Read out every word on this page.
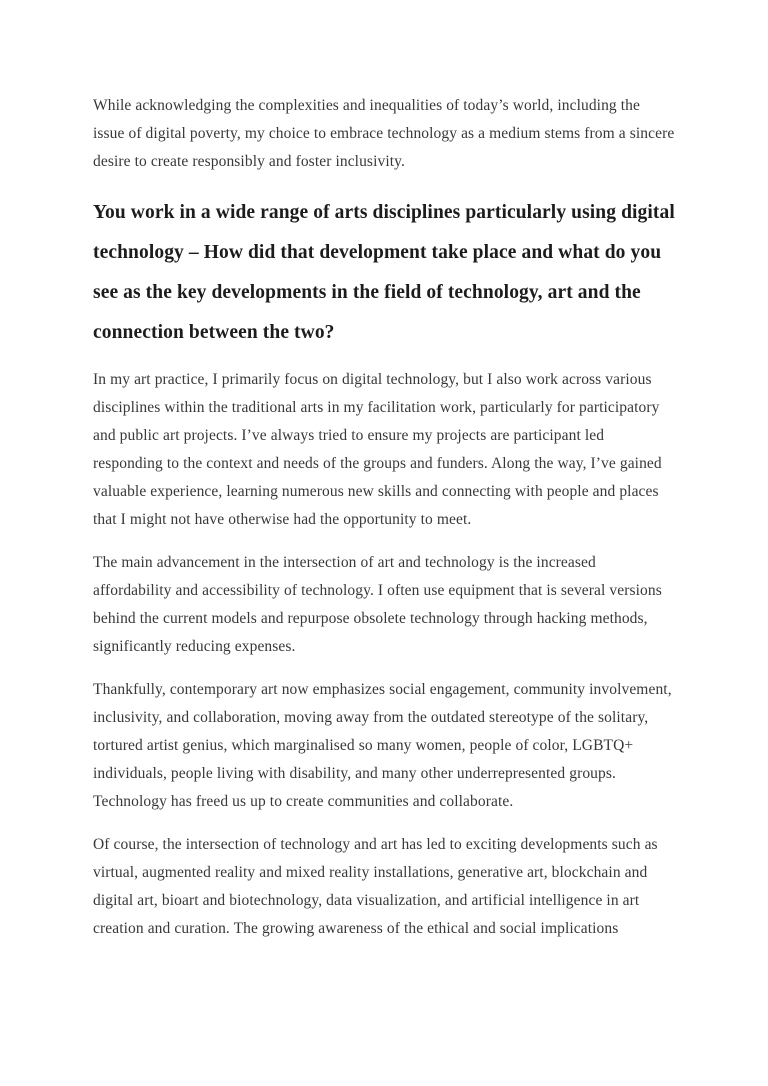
While acknowledging the complexities and inequalities of today’s world, including the issue of digital poverty, my choice to embrace technology as a medium stems from a sincere desire to create responsibly and foster inclusivity.

You work in a wide range of arts disciplines particularly using digital technology – How did that development take place and what do you see as the key developments in the field of technology, art and the connection between the two?

In my art practice, I primarily focus on digital technology, but I also work across various disciplines within the traditional arts in my facilitation work, particularly for participatory and public art projects. I’ve always tried to ensure my projects are participant led responding to the context and needs of the groups and funders. Along the way, I’ve gained valuable experience, learning numerous new skills and connecting with people and places that I might not have otherwise had the opportunity to meet.

The main advancement in the intersection of art and technology is the increased affordability and accessibility of technology. I often use equipment that is several versions behind the current models and repurpose obsolete technology through hacking methods, significantly reducing expenses.

Thankfully, contemporary art now emphasizes social engagement, community involvement, inclusivity, and collaboration, moving away from the outdated stereotype of the solitary, tortured artist genius, which marginalised so many women, people of color, LGBTQ+ individuals, people living with disability, and many other underrepresented groups. Technology has freed us up to create communities and collaborate.

Of course, the intersection of technology and art has led to exciting developments such as virtual, augmented reality and mixed reality installations, generative art, blockchain and digital art, bioart and biotechnology, data visualization, and artificial intelligence in art creation and curation. The growing awareness of the ethical and social implications
